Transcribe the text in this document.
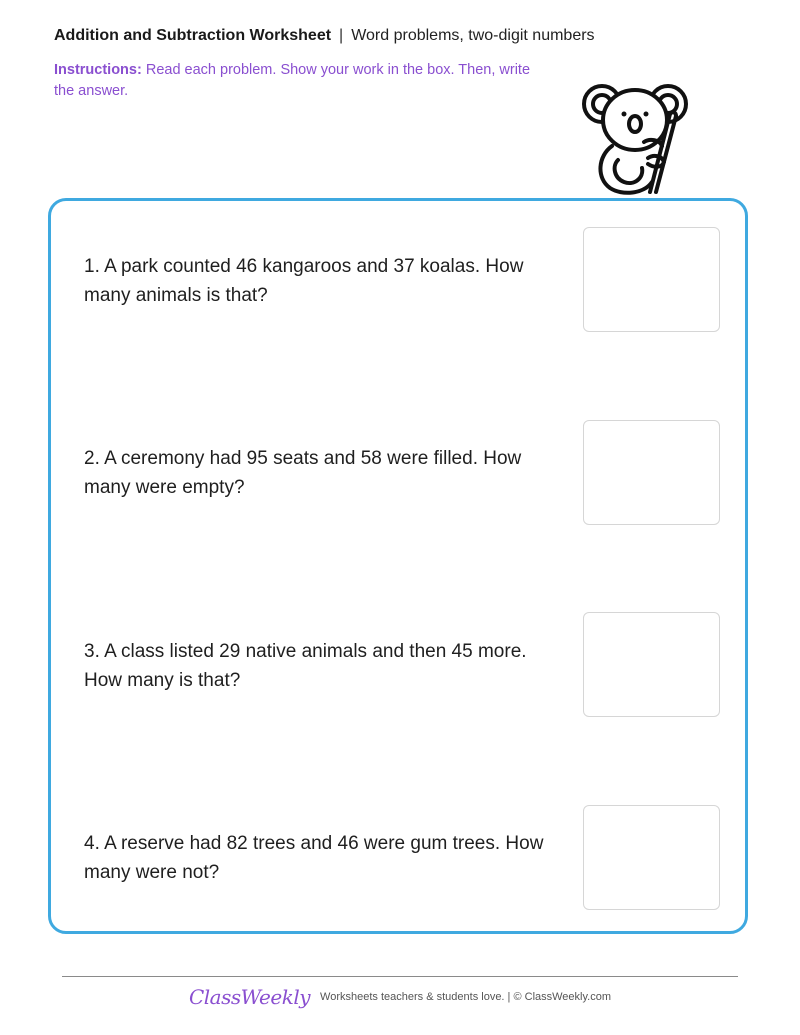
Addition and Subtraction Worksheet | Word problems, two-digit numbers
Instructions: Read each problem. Show your work in the box. Then, write the answer.
1. A park counted 46 kangaroos and 37 koalas. How many animals is that?
2. A ceremony had 95 seats and 58 were filled. How many were empty?
3. A class listed 29 native animals and then 45 more. How many is that?
4. A reserve had 82 trees and 46 were gum trees. How many were not?
ClassWeekly Worksheets teachers & students love. | © ClassWeekly.com
